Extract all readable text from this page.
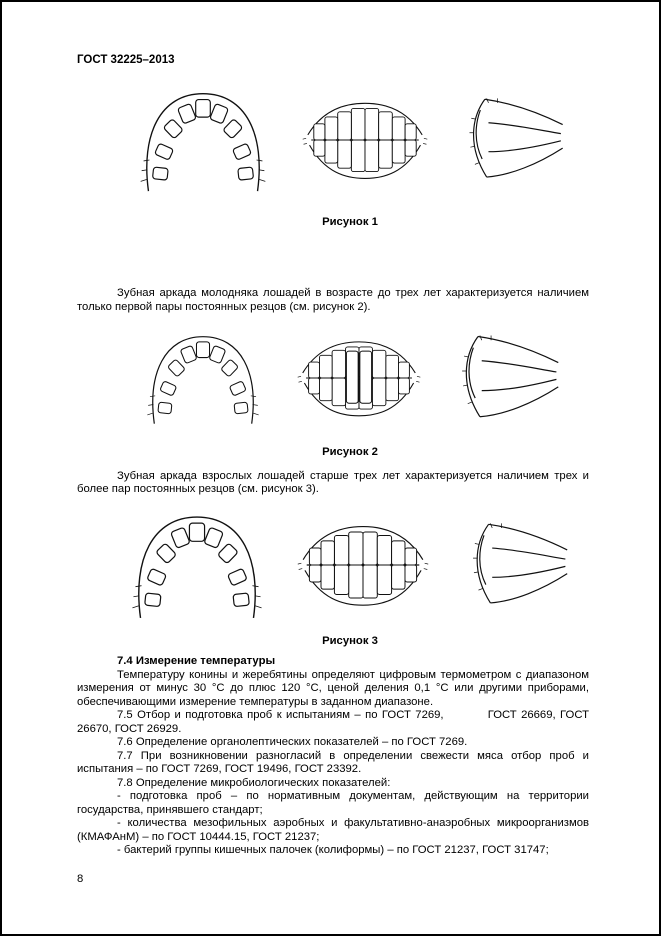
ГОСТ 32225–2013
Рисунок 1

Зубная аркада молодняка лошадей в возрасте до трех лет характеризуется наличием только первой пары постоянных резцов (см. рисунок 2).

Рисунок 2

Зубная аркада взрослых лошадей старше трех лет характеризуется наличием трех и более пар постоянных резцов (см. рисунок 3).

Рисунок 3

7.4 Измерение температуры

Температуру конины и жеребятины определяют цифровым термометром с диапазоном измерения от минус 30 °С до плюс 120 °С, ценой деления 0,1 °С или другими приборами, обеспечивающими измерение температуры в заданном диапазоне.

7.5 Отбор и подготовка проб к испытаниям – по ГОСТ 7269,          ГОСТ 26669, ГОСТ 26670, ГОСТ 26929.

7.6 Определение органолептических показателей – по ГОСТ 7269.

7.7 При возникновении разногласий в определении свежести мяса отбор проб и испытания – по ГОСТ 7269, ГОСТ 19496, ГОСТ 23392.

7.8 Определение микробиологических показателей:

- подготовка проб – по нормативным документам, действующим на территории государства, принявшего стандарт;

- количества мезофильных аэробных и факультативно-анаэробных микроорганизмов (КМАФАнМ) – по ГОСТ 10444.15, ГОСТ 21237;

- бактерий группы кишечных палочек (колиформы) – по ГОСТ 21237, ГОСТ 31747;

8
